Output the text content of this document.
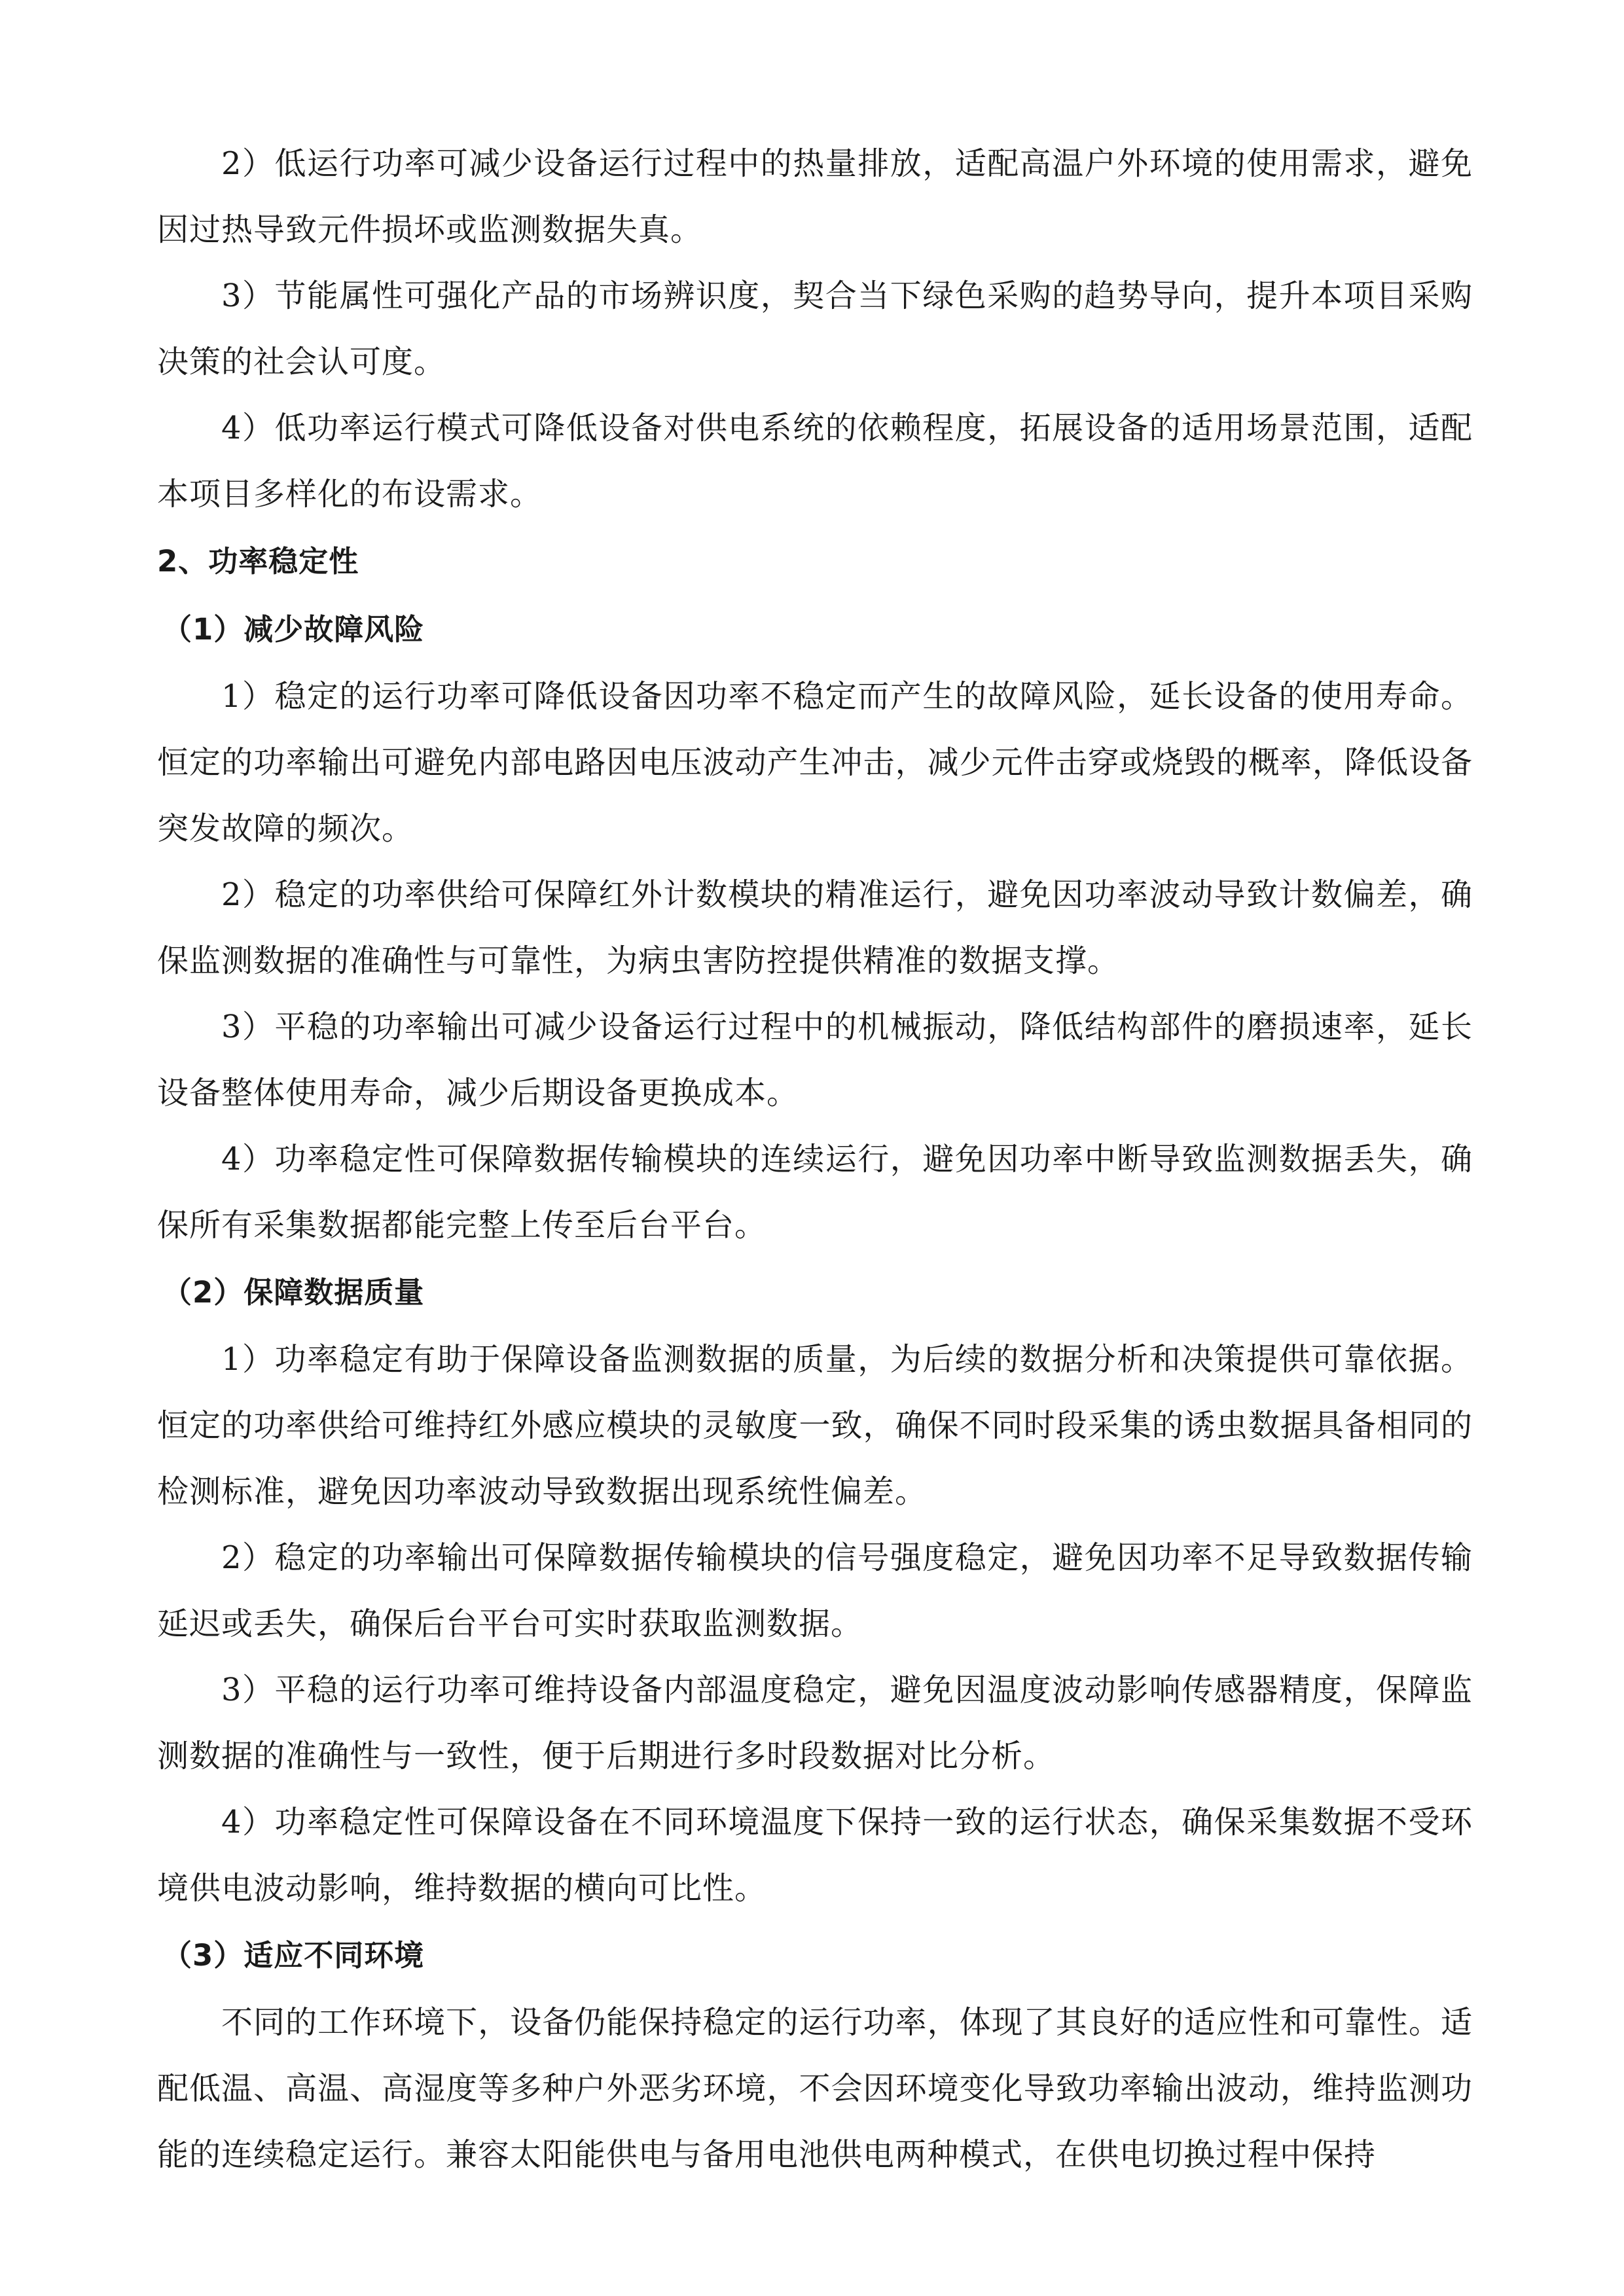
2）低运行功率可减少设备运行过程中的热量排放，适配高温户外环境的使用需求，避免因过热导致元件损坏或监测数据失真。

3）节能属性可强化产品的市场辨识度，契合当下绿色采购的趋势导向，提升本项目采购决策的社会认可度。

4）低功率运行模式可降低设备对供电系统的依赖程度，拓展设备的适用场景范围，适配本项目多样化的布设需求。

2、功率稳定性

（1）减少故障风险

1）稳定的运行功率可降低设备因功率不稳定而产生的故障风险，延长设备的使用寿命。恒定的功率输出可避免内部电路因电压波动产生冲击，减少元件击穿或烧毁的概率，降低设备突发故障的频次。

2）稳定的功率供给可保障红外计数模块的精准运行，避免因功率波动导致计数偏差，确保监测数据的准确性与可靠性，为病虫害防控提供精准的数据支撑。

3）平稳的功率输出可减少设备运行过程中的机械振动，降低结构部件的磨损速率，延长设备整体使用寿命，减少后期设备更换成本。

4）功率稳定性可保障数据传输模块的连续运行，避免因功率中断导致监测数据丢失，确保所有采集数据都能完整上传至后台平台。

（2）保障数据质量

1）功率稳定有助于保障设备监测数据的质量，为后续的数据分析和决策提供可靠依据。恒定的功率供给可维持红外感应模块的灵敏度一致，确保不同时段采集的诱虫数据具备相同的检测标准，避免因功率波动导致数据出现系统性偏差。

2）稳定的功率输出可保障数据传输模块的信号强度稳定，避免因功率不足导致数据传输延迟或丢失，确保后台平台可实时获取监测数据。

3）平稳的运行功率可维持设备内部温度稳定，避免因温度波动影响传感器精度，保障监测数据的准确性与一致性，便于后期进行多时段数据对比分析。

4）功率稳定性可保障设备在不同环境温度下保持一致的运行状态，确保采集数据不受环境供电波动影响，维持数据的横向可比性。

（3）适应不同环境

不同的工作环境下，设备仍能保持稳定的运行功率，体现了其良好的适应性和可靠性。适配低温、高温、高湿度等多种户外恶劣环境，不会因环境变化导致功率输出波动，维持监测功能的连续稳定运行。兼容太阳能供电与备用电池供电两种模式，在供电切换过程中保持
